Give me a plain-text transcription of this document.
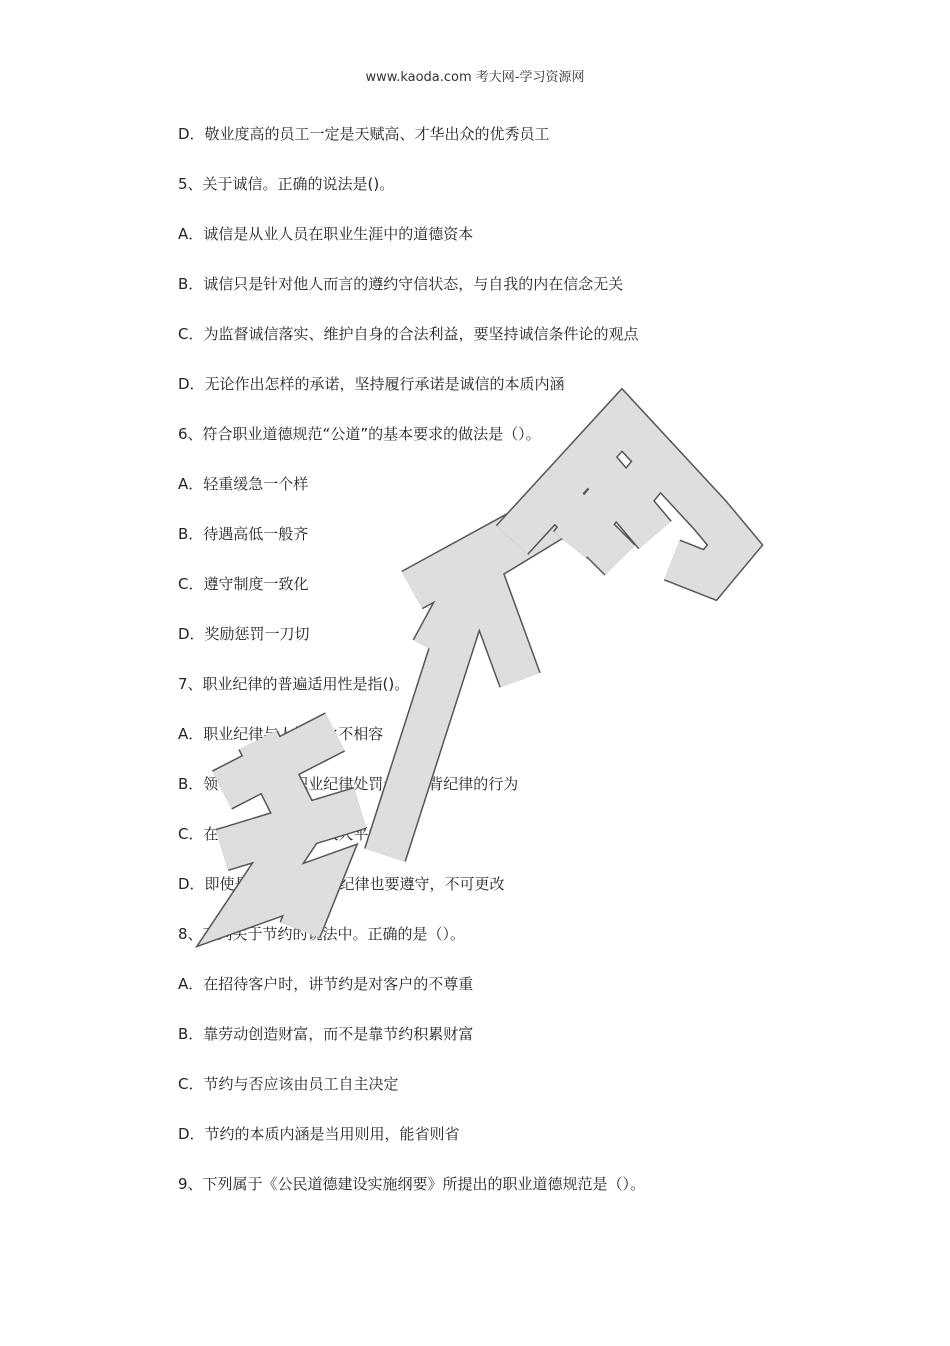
www.kaoda.com 考大网-学习资源网
D．敬业度高的员工一定是天赋高、才华出众的优秀员工
5、关于诚信。正确的说法是()。
A．诚信是从业人员在职业生涯中的道德资本
B．诚信只是针对他人而言的遵约守信状态，与自我的内在信念无关
C．为监督诚信落实、维护自身的合法利益，要坚持诚信条件论的观点
D．无论作出怎样的承诺，坚持履行承诺是诚信的本质内涵
6、符合职业道德规范“公道”的基本要求的做法是（）。
A．轻重缓急一个样
B．待遇高低一般齐
C．遵守制度一致化
D．奖励惩罚一刀切
7、职业纪律的普遍适用性是指()。
A．职业纪律与人情水火不相容
B．领导可以运用职业纪律处罚一切违背纪律的行为
C．在职业纪律面前，人人平等
D．即使是不合理的职业纪律也要遵守，不可更改
8、下列关于节约的说法中。正确的是（）。
A．在招待客户时，讲节约是对客户的不尊重
B．靠劳动创造财富，而不是靠节约积累财富
C．节约与否应该由员工自主决定
D．节约的本质内涵是当用则用，能省则省
9、下列属于《公民道德建设实施纲要》所提出的职业道德规范是（）。
